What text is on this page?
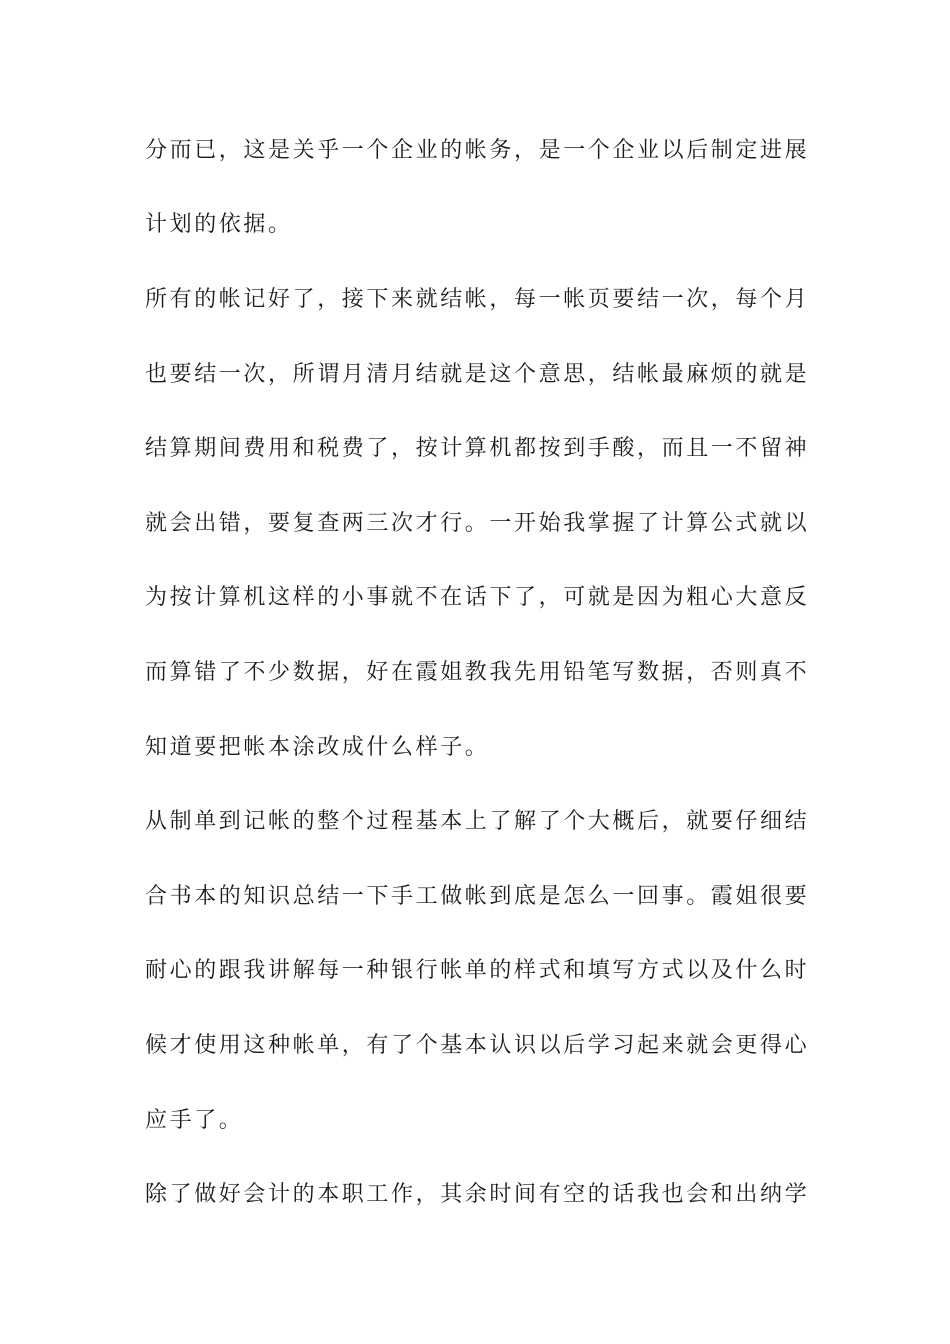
分而已，这是关乎一个企业的帐务，是一个企业以后制定进展
计划的依据。
所有的帐记好了，接下来就结帐，每一帐页要结一次，每个月
也要结一次，所谓月清月结就是这个意思，结帐最麻烦的就是
结算期间费用和税费了，按计算机都按到手酸，而且一不留神
就会出错，要复查两三次才行。一开始我掌握了计算公式就以
为按计算机这样的小事就不在话下了，可就是因为粗心大意反
而算错了不少数据，好在霞姐教我先用铅笔写数据，否则真不
知道要把帐本涂改成什么样子。
从制单到记帐的整个过程基本上了解了个大概后，就要仔细结
合书本的知识总结一下手工做帐到底是怎么一回事。霞姐很要
耐心的跟我讲解每一种银行帐单的样式和填写方式以及什么时
候才使用这种帐单，有了个基本认识以后学习起来就会更得心
应手了。
除了做好会计的本职工作，其余时间有空的话我也会和出纳学
